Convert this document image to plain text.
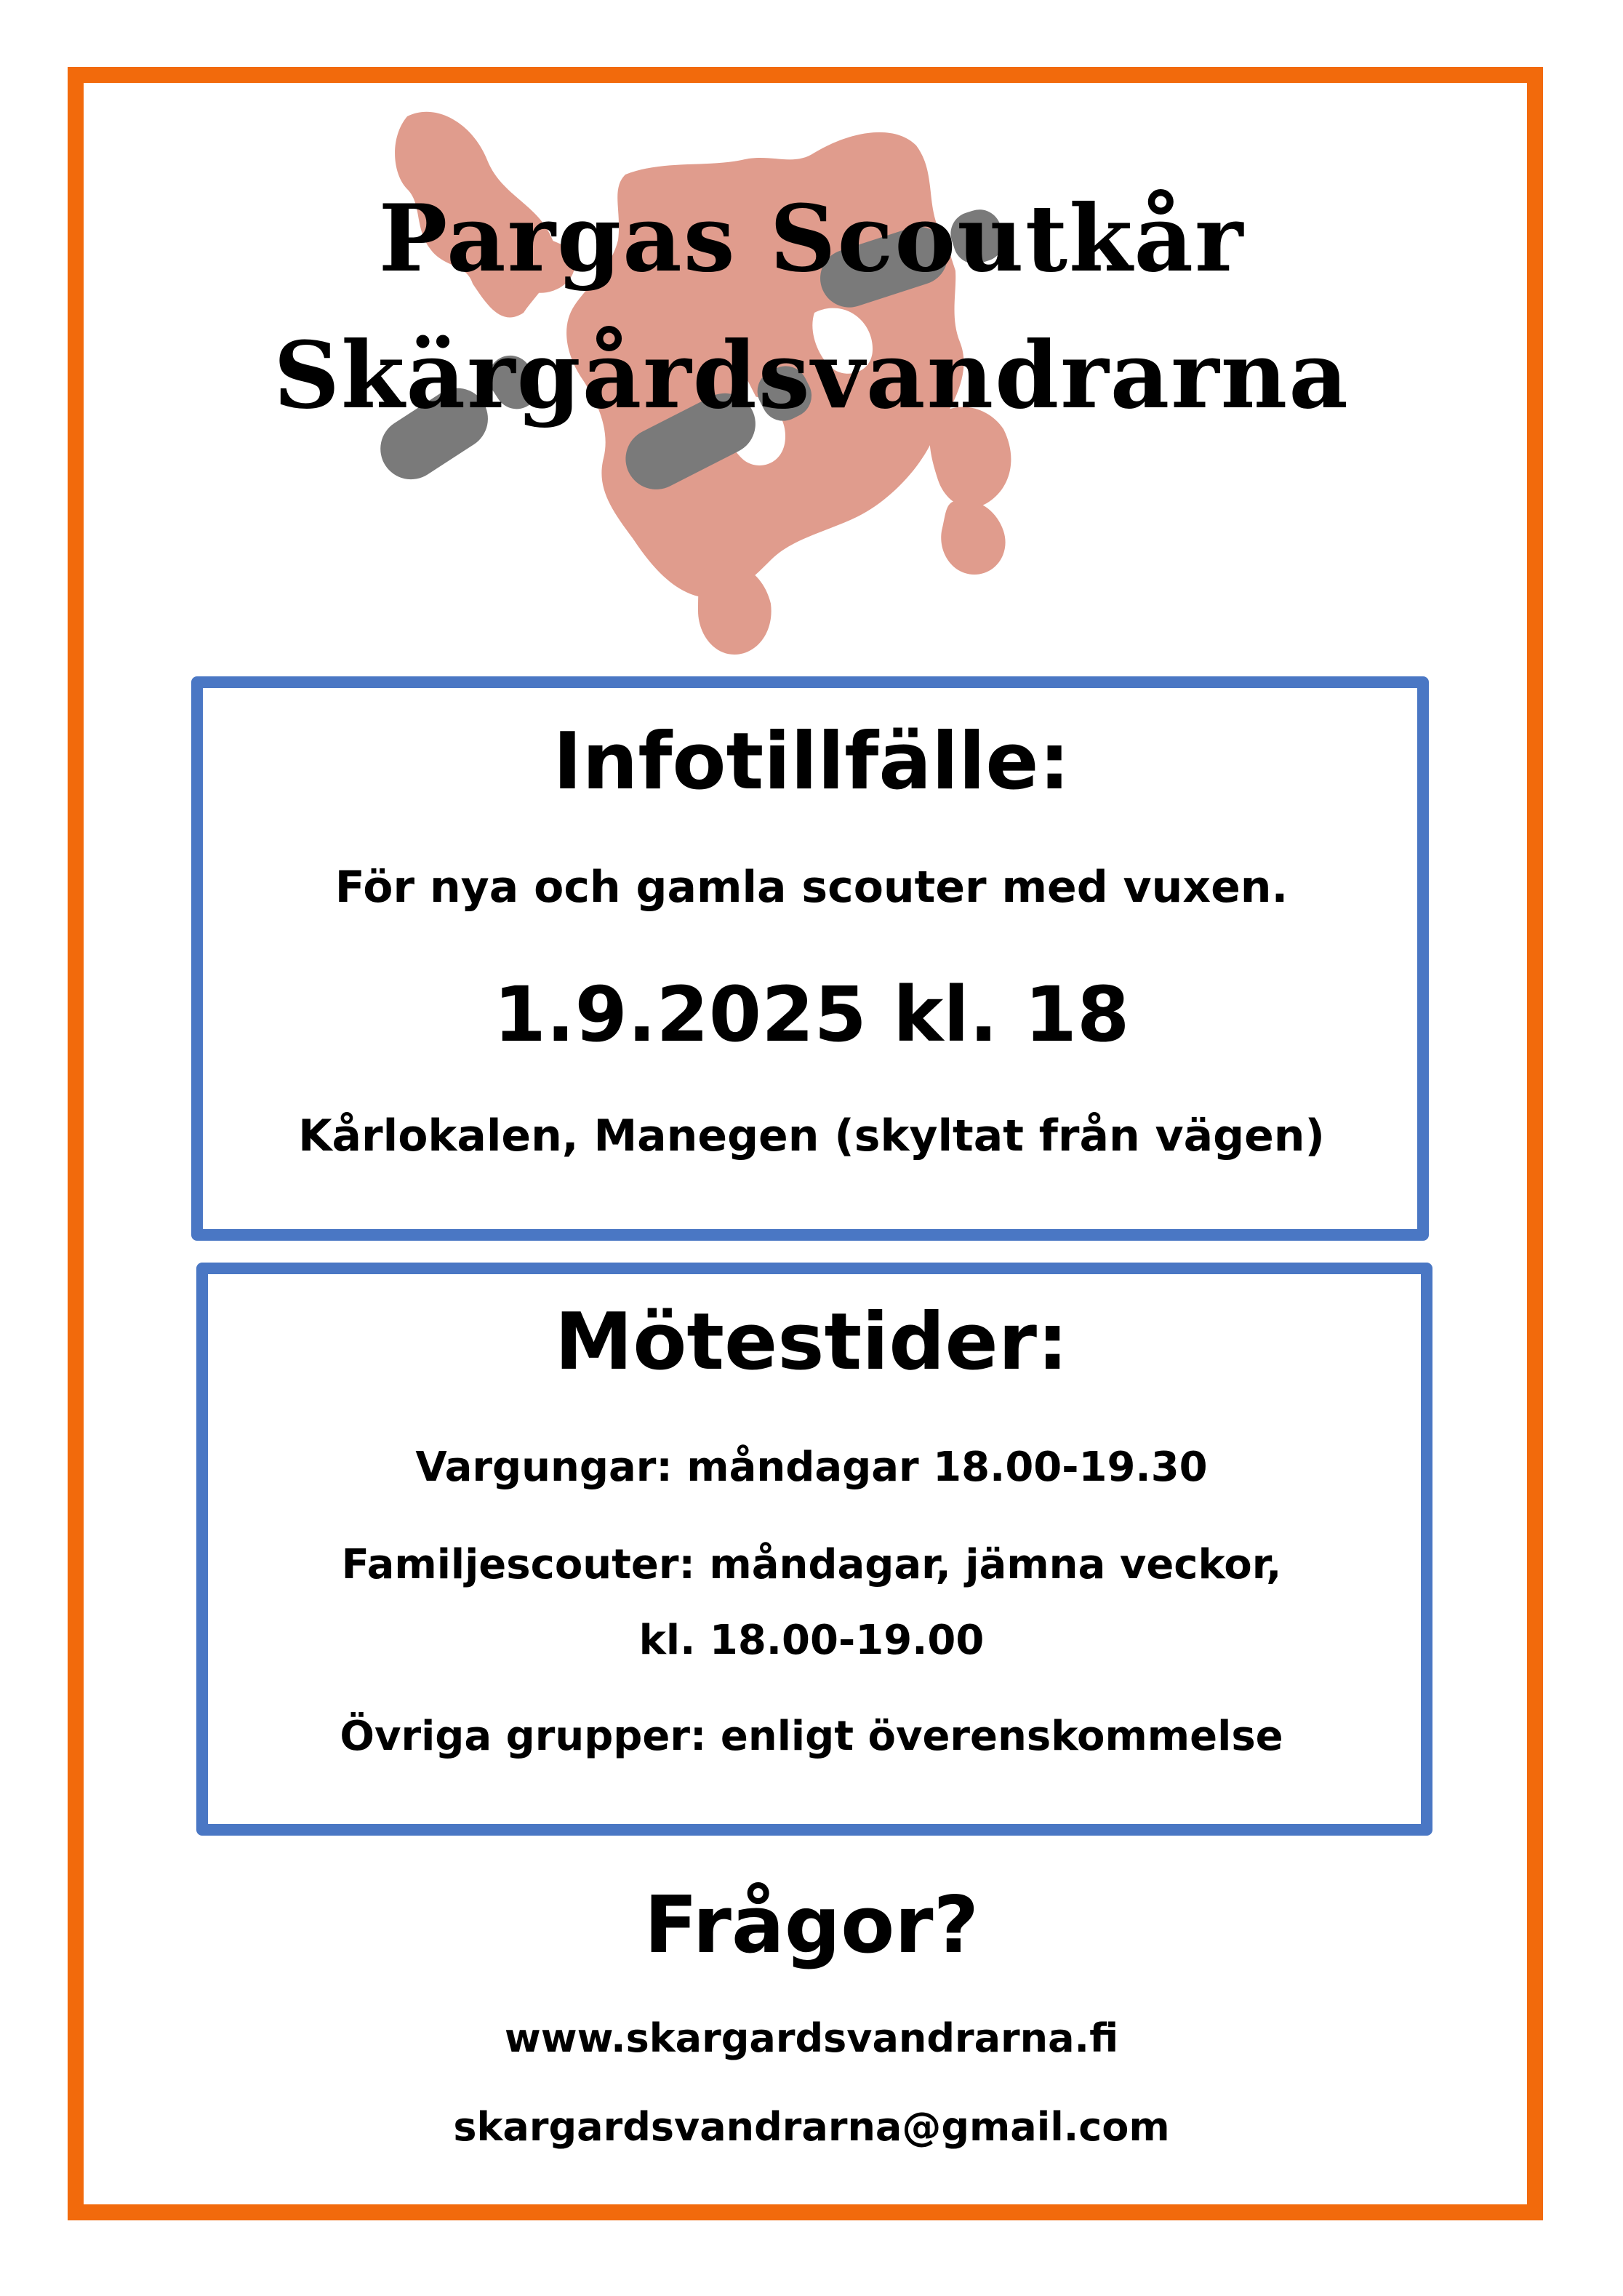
Pargas Scoutkår
Skärgårdsvandrarna
Infotillfälle:
För nya och gamla scouter med vuxen.
1.9.2025 kl. 18
Kårlokalen, Manegen (skyltat från vägen)
Mötestider:
Vargungar: måndagar 18.00-19.30
Familjescouter: måndagar, jämna veckor,
kl. 18.00-19.00
Övriga grupper: enligt överenskommelse
Frågor?
www.skargardsvandrarna.fi
skargardsvandrarna@gmail.com
